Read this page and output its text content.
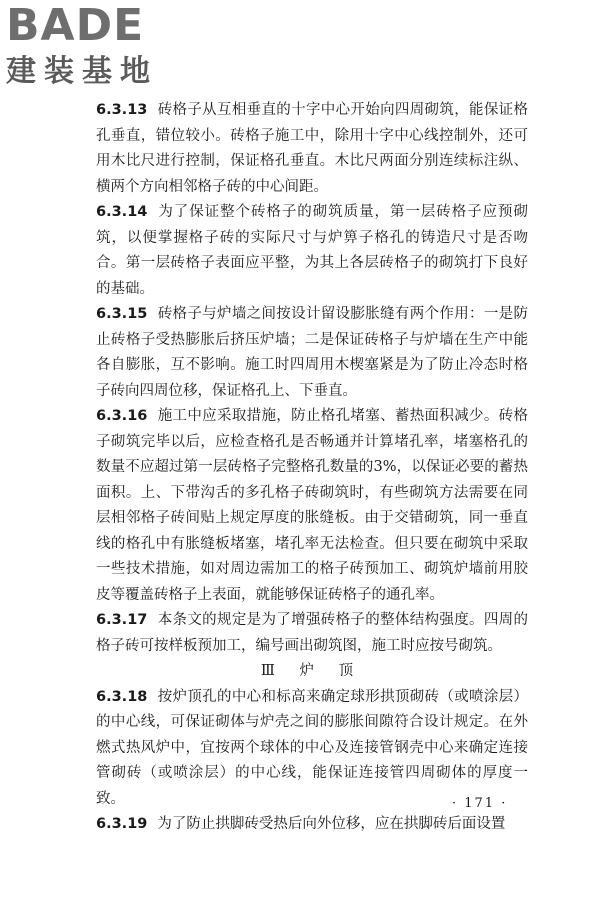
BADE
建装基地

6.3.13 砖格子从互相垂直的十字中心开始向四周砌筑，能保证格孔垂直，错位较小。砖格子施工中，除用十字中心线控制外，还可用木比尺进行控制，保证格孔垂直。木比尺两面分别连续标注纵、横两个方向相邻格子砖的中心间距。

6.3.14 为了保证整个砖格子的砌筑质量，第一层砖格子应预砌筑，以便掌握格子砖的实际尺寸与炉箅子格孔的铸造尺寸是否吻合。第一层砖格子表面应平整，为其上各层砖格子的砌筑打下良好的基础。

6.3.15 砖格子与炉墙之间按设计留设膨胀缝有两个作用：一是防止砖格子受热膨胀后挤压炉墙；二是保证砖格子与炉墙在生产中能各自膨胀，互不影响。施工时四周用木楔塞紧是为了防止冷态时格子砖向四周位移，保证格孔上、下垂直。

6.3.16 施工中应采取措施，防止格孔堵塞、蓄热面积减少。砖格子砌筑完毕以后，应检查格孔是否畅通并计算堵孔率，堵塞格孔的数量不应超过第一层砖格子完整格孔数量的3%，以保证必要的蓄热面积。上、下带沟舌的多孔格子砖砌筑时，有些砌筑方法需要在同层相邻格子砖间贴上规定厚度的胀缝板。由于交错砌筑，同一垂直线的格孔中有胀缝板堵塞，堵孔率无法检查。但只要在砌筑中采取一些技术措施，如对周边需加工的格子砖预加工、砌筑炉墙前用胶皮等覆盖砖格子上表面，就能够保证砖格子的通孔率。

6.3.17 本条文的规定是为了增强砖格子的整体结构强度。四周的格子砖可按样板预加工，编号画出砌筑图，施工时应按号砌筑。

Ⅲ 炉 顶

6.3.18 按炉顶孔的中心和标高来确定球形拱顶砌砖（或喷涂层）的中心线，可保证砌体与炉壳之间的膨胀间隙符合设计规定。在外燃式热风炉中，宜按两个球体的中心及连接管钢壳中心来确定连接管砌砖（或喷涂层）的中心线，能保证连接管四周砌体的厚度一致。

6.3.19 为了防止拱脚砖受热后向外位移，应在拱脚砖后面设置

· 171 ·
